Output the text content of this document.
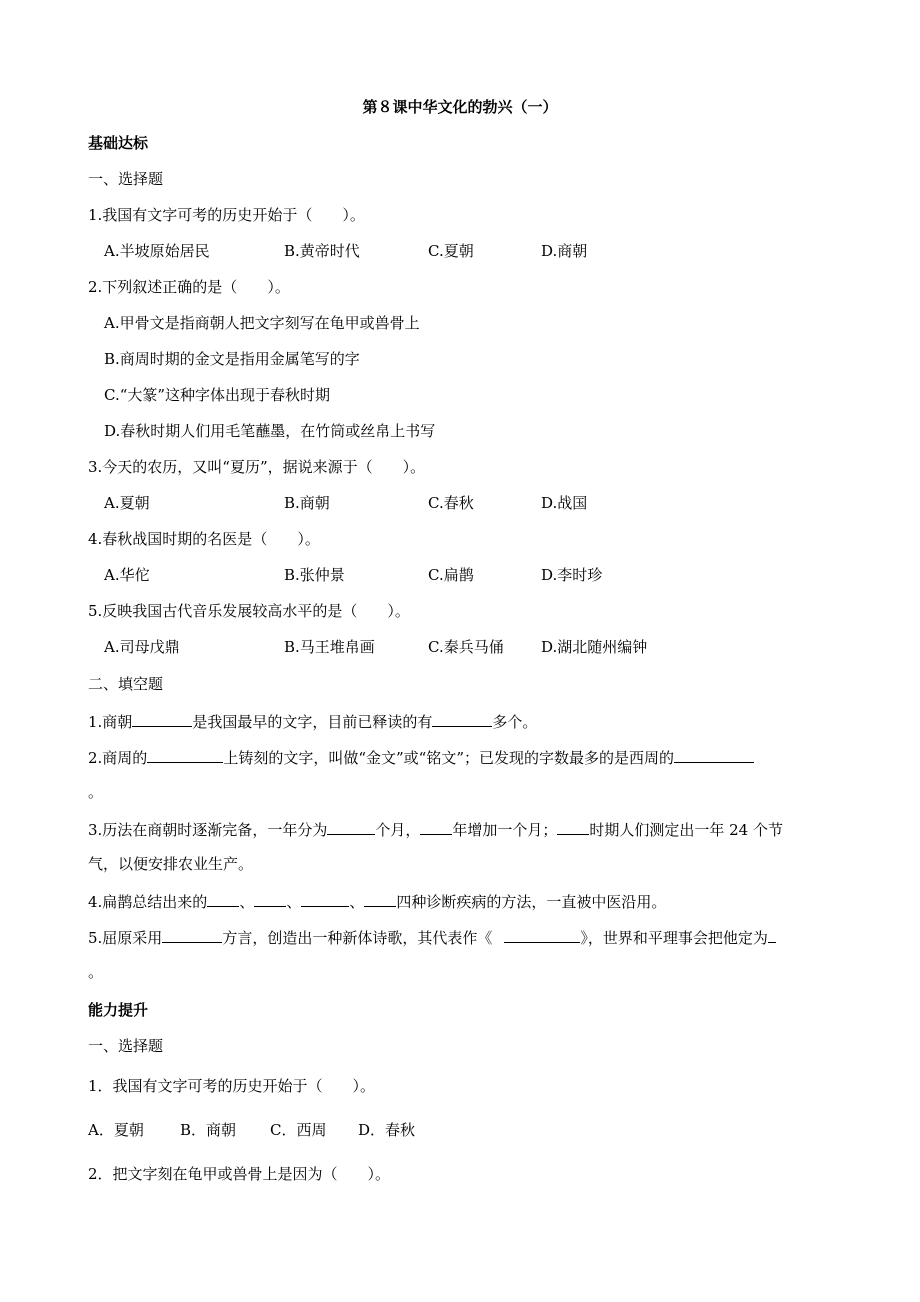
第８课中华文化的勃兴（一）
基础达标
一、选择题
1.我国有文字可考的历史开始于（　　）。
A.半坡原始居民	B.黄帝时代	C.夏朝	D.商朝
2.下列叙述正确的是（　　）。
A.甲骨文是指商朝人把文字刻写在龟甲或兽骨上
B.商周时期的金文是指用金属笔写的字
C.“大篆”这种字体出现于春秋时期
D.春秋时期人们用毛笔蘸墨，在竹筒或丝帛上书写
3.今天的农历，又叫“夏历”，据说来源于（　　）。
A.夏朝	B.商朝	C.春秋	D.战国
4.春秋战国时期的名医是（　　）。
A.华佗	B.张仲景	C.扁鹊	D.李时珍
5.反映我国古代音乐发展较高水平的是（　　）。
A.司母戊鼎	B.马王堆帛画	C.秦兵马俑 D.湖北随州编钟
二、填空题
1.商朝	是我国最早的文字，目前已释读的有	多个。
2.商周的	上铸刻的文字，叫做“金文”或“铭文”；已发现的字数最多的是西周的
。
3.历法在商朝时逐渐完备，一年分为	个月， 年增加一个月； 时期人们测定出一年 24 个节
气，以便安排农业生产。
4.扁鹊总结出来的 、 、	、 四种诊断疾病的方法，一直被中医沿用。
5.屈原采用	方言，创造出一种新体诗歌，其代表作《	》，世界和平理事会把他定为
。
能力提升
一、选择题
1．我国有文字可考的历史开始于（　　）。
A．夏朝 B．商朝 C．西周 D．春秋
2．把文字刻在龟甲或兽骨上是因为（　　）。
